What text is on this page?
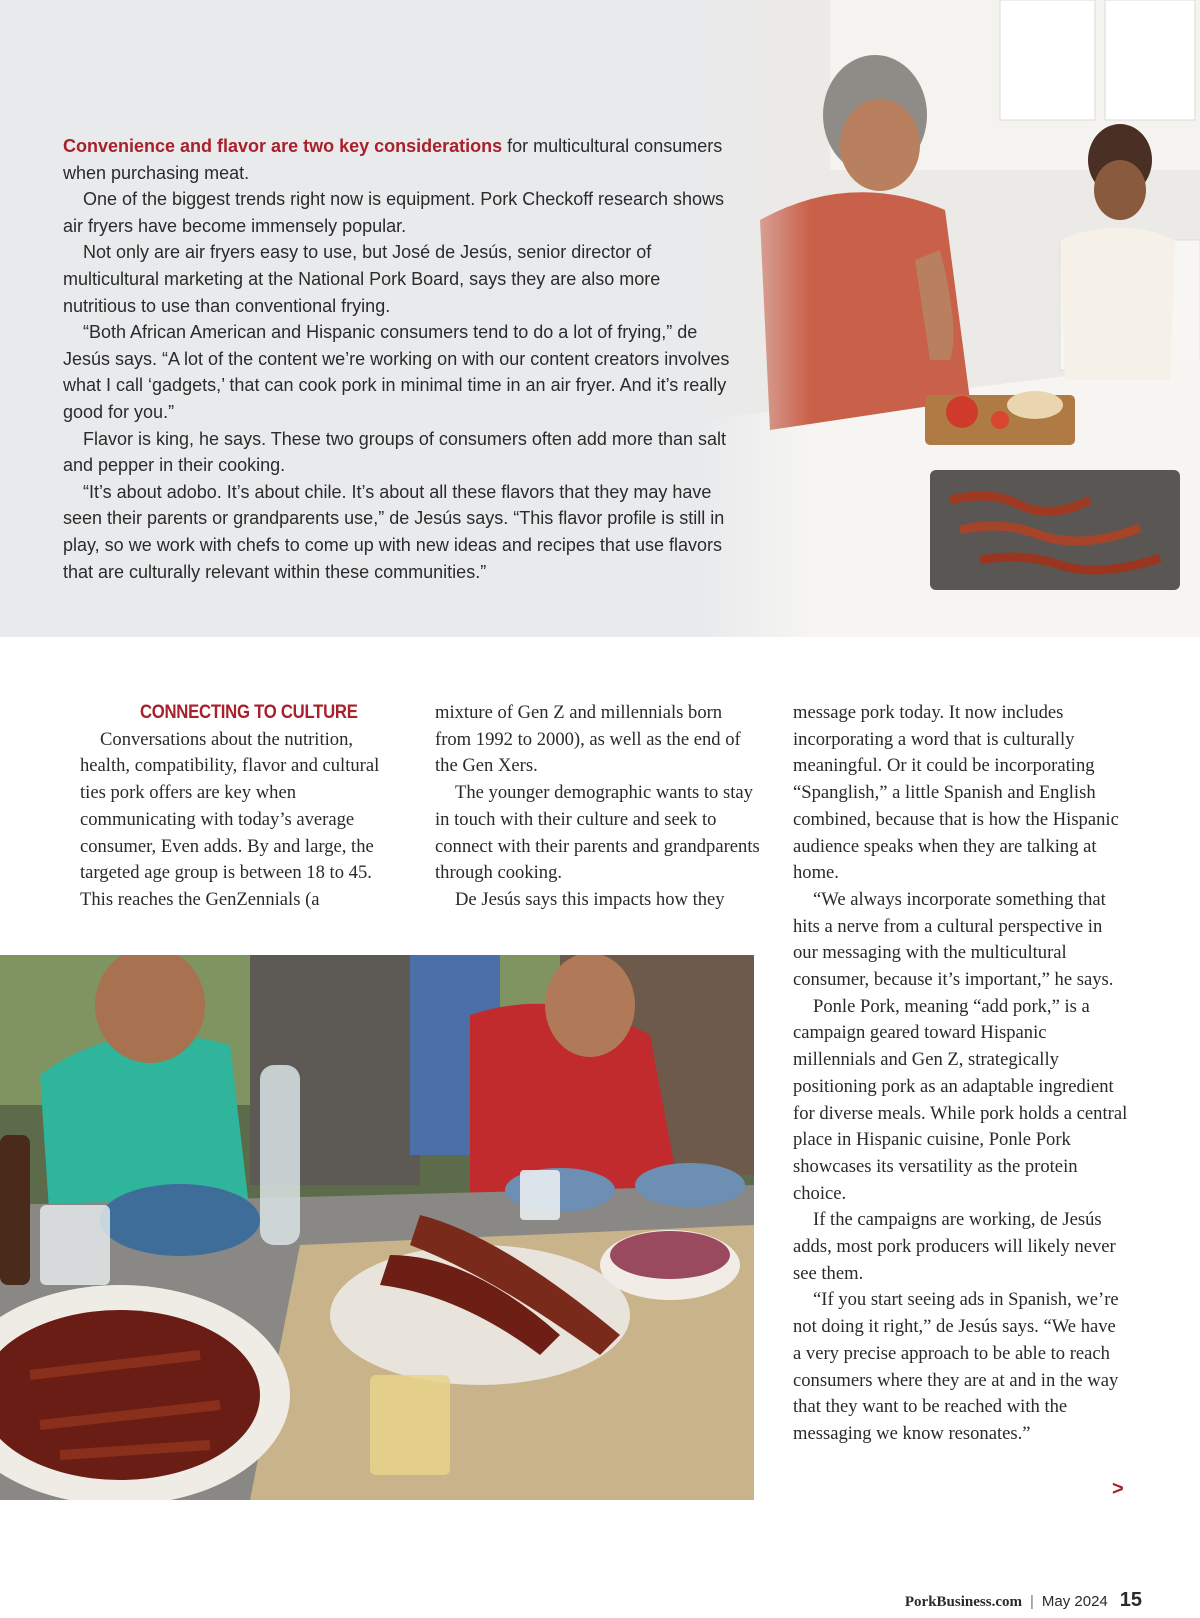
Convenience and flavor are two key considerations for multicultural consumers when purchasing meat.

One of the biggest trends right now is equipment. Pork Checkoff research shows air fryers have become immensely popular.

Not only are air fryers easy to use, but José de Jesús, senior director of multicultural marketing at the National Pork Board, says they are also more nutritious to use than conventional frying.

“Both African American and Hispanic consumers tend to do a lot of frying,” de Jesús says. “A lot of the content we’re working on with our content creators involves what I call ‘gadgets,’ that can cook pork in minimal time in an air fryer. And it’s really good for you.”

Flavor is king, he says. These two groups of consumers often add more than salt and pepper in their cooking.

“It’s about adobo. It’s about chile. It’s about all these flavors that they may have seen their parents or grandparents use,” de Jesús says. “This flavor profile is still in play, so we work with chefs to come up with new ideas and recipes that use flavors that are culturally relevant within these communities.”

CONNECTING TO CULTURE

Conversations about the nutrition, health, compatibility, flavor and cultural ties pork offers are key when communicating with today’s average consumer, Even adds. By and large, the targeted age group is between 18 to 45. This reaches the GenZennials (a

mixture of Gen Z and millennials born from 1992 to 2000), as well as the end of the Gen Xers.

The younger demographic wants to stay in touch with their culture and seek to connect with their parents and grandparents through cooking.

De Jesús says this impacts how they

message pork today. It now includes incorporating a word that is culturally meaningful. Or it could be incorporating “Spanglish,” a little Spanish and English combined, because that is how the Hispanic audience speaks when they are talking at home.

“We always incorporate something that hits a nerve from a cultural perspective in our messaging with the multicultural consumer, because it’s important,” he says.

Ponle Pork, meaning “add pork,” is a campaign geared toward Hispanic millennials and Gen Z, strategically positioning pork as an adaptable ingredient for diverse meals. While pork holds a central place in Hispanic cuisine, Ponle Pork showcases its versatility as the protein choice.

If the campaigns are working, de Jesús adds, most pork producers will likely never see them.

“If you start seeing ads in Spanish, we’re not doing it right,” de Jesús says. “We have a very precise approach to be able to reach consumers where they are at and in the way that they want to be reached with the messaging we know resonates.”

>
PorkBusiness.com | May 2024 15
